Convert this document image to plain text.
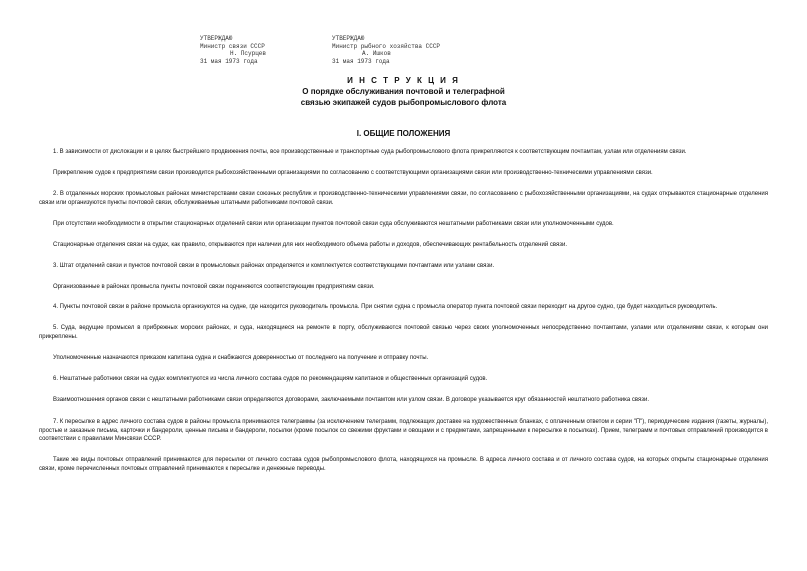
УТВЕРЖДАЮ
Министр связи СССР
Н. Псурцев
31 мая 1973 года
УТВЕРЖДАЮ
Министр рыбного хозяйства СССР
А. Ишков
31 мая 1973 года
И Н С Т Р У К Ц И Я
О порядке обслуживания почтовой и телеграфной
связью экипажей судов рыбопромыслового флота
I. ОБЩИЕ ПОЛОЖЕНИЯ

1. В зависимости от дислокации и в целях быстрейшего продвижения почты, все производственные и транспортные суда рыбопромыслового флота прикрепляются к соответствующим почтамтам, узлам или отделениям связи.

Прикрепление судов к предприятиям связи производится рыбохозяйственными организациями по согласованию с соответствующими организациями связи или производственно-техническими управлениями связи.

2. В отдаленных морских промысловых районах министерствами связи союзных республик и производственно-техническими управлениями связи, по согласованию с рыбохозяйственными организациями, на судах открываются стационарные отделения связи или организуются пункты почтовой связи, обслуживаемые штатными работниками почтовой связи.

При отсутствии необходимости в открытии стационарных отделений связи или организации пунктов почтовой связи суда обслуживаются нештатными работниками связи или уполномоченными судов.

Стационарные отделения связи на судах, как правило, открываются при наличии для них необходимого объема работы и доходов, обеспечивающих рентабельность отделений связи.

3. Штат отделений связи и пунктов почтовой связи в промысловых районах определяется и комплектуется соответствующими почтамтами или узлами связи.

Организованные в районах промысла пункты почтовой связи подчиняются соответствующим предприятиям связи.

4. Пункты почтовой связи в районе промысла организуются на судне, где находится руководитель промысла. При снятии судна с промысла оператор пункта почтовой связи переходит на другое судно, где будет находиться руководитель.

5. Суда, ведущие промысел в прибрежных морских районах, и суда, находящиеся на ремонте в порту, обслуживаются почтовой связью через своих уполномоченных непосредственно почтамтами, узлами или отделениями связи, к которым они прикреплены.

Уполномоченные назначаются приказом капитана судна и снабжаются доверенностью от последнего на получение и отправку почты.

6. Нештатные работники связи на судах комплектуются из числа личного состава судов по рекомендациям капитанов и общественных организаций судов.

Взаимоотношения органов связи с нештатными работниками связи определяются договорами, заключаемыми почтамтом или узлом связи. В договоре указывается круг обязанностей нештатного работника связи.

7. К пересылке в адрес личного состава судов в районы промысла принимаются телеграммы (за исключением телеграмм, подлежащих доставке на художественных бланках, с оплаченным ответом и серии "П"), периодические издания (газеты, журналы), простые и заказные письма, карточки и бандероли, ценные письма и бандероли, посылки (кроме посылок со свежими фруктами и овощами и с предметами, запрещенными к пересылке в посылках). Прием, телеграмм и почтовых отправлений производится в соответствии с правилами Минсвязи СССР.

Такие же виды почтовых отправлений принимаются для пересылки от личного состава судов рыбопромыслового флота, находящихся на промысле. В адреса личного состава и от личного состава судов, на которых открыты стационарные отделения связи, кроме перечисленных почтовых отправлений принимаются к пересылке и денежные переводы.
